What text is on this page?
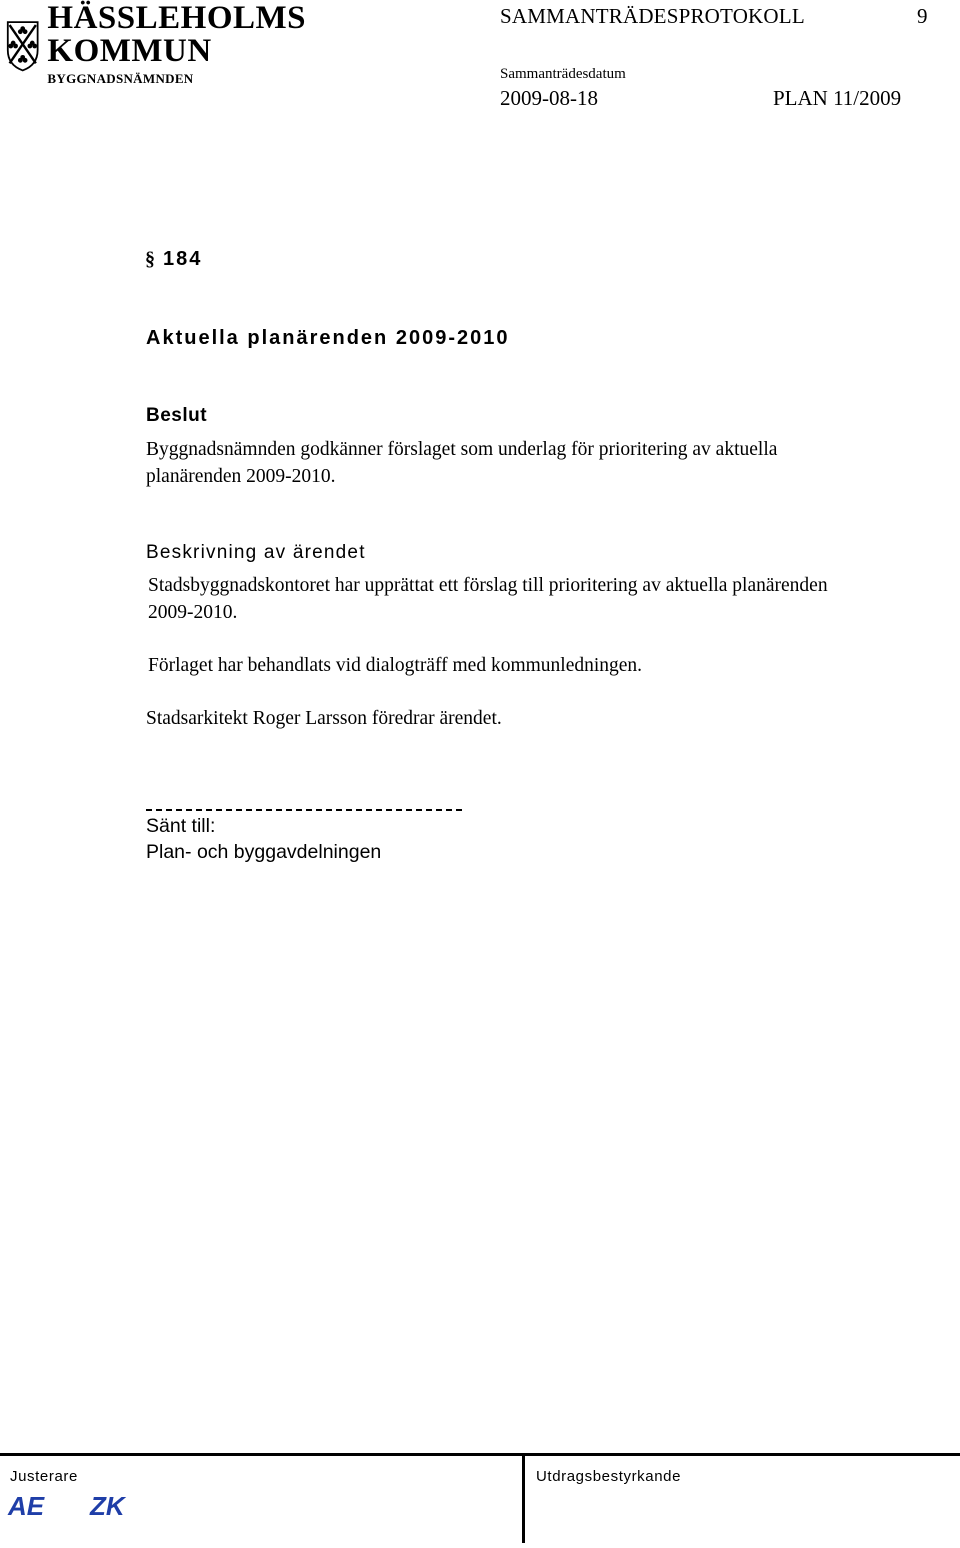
HÄSSLEHOLMS
KOMMUN
BYGGNADSNÄMNDEN
SAMMANTRÄDESPROTOKOLL	9
Sammanträdesdatum
2009-08-18	PLAN 11/2009
§ 184
Aktuella planärenden 2009-2010
Beslut
Byggnadsnämnden godkänner förslaget som underlag för prioritering av aktuella planärenden 2009-2010.
Beskrivning av ärendet
Stadsbyggnadskontoret har upprättat ett förslag till prioritering av aktuella planärenden 2009-2010.
Förlaget har behandlats vid dialogträff med kommunledningen.
Stadsarkitekt Roger Larsson föredrar ärendet.
Sänt till:
Plan- och byggavdelningen
Justerare
AE ZK
Utdragsbestyrkande
